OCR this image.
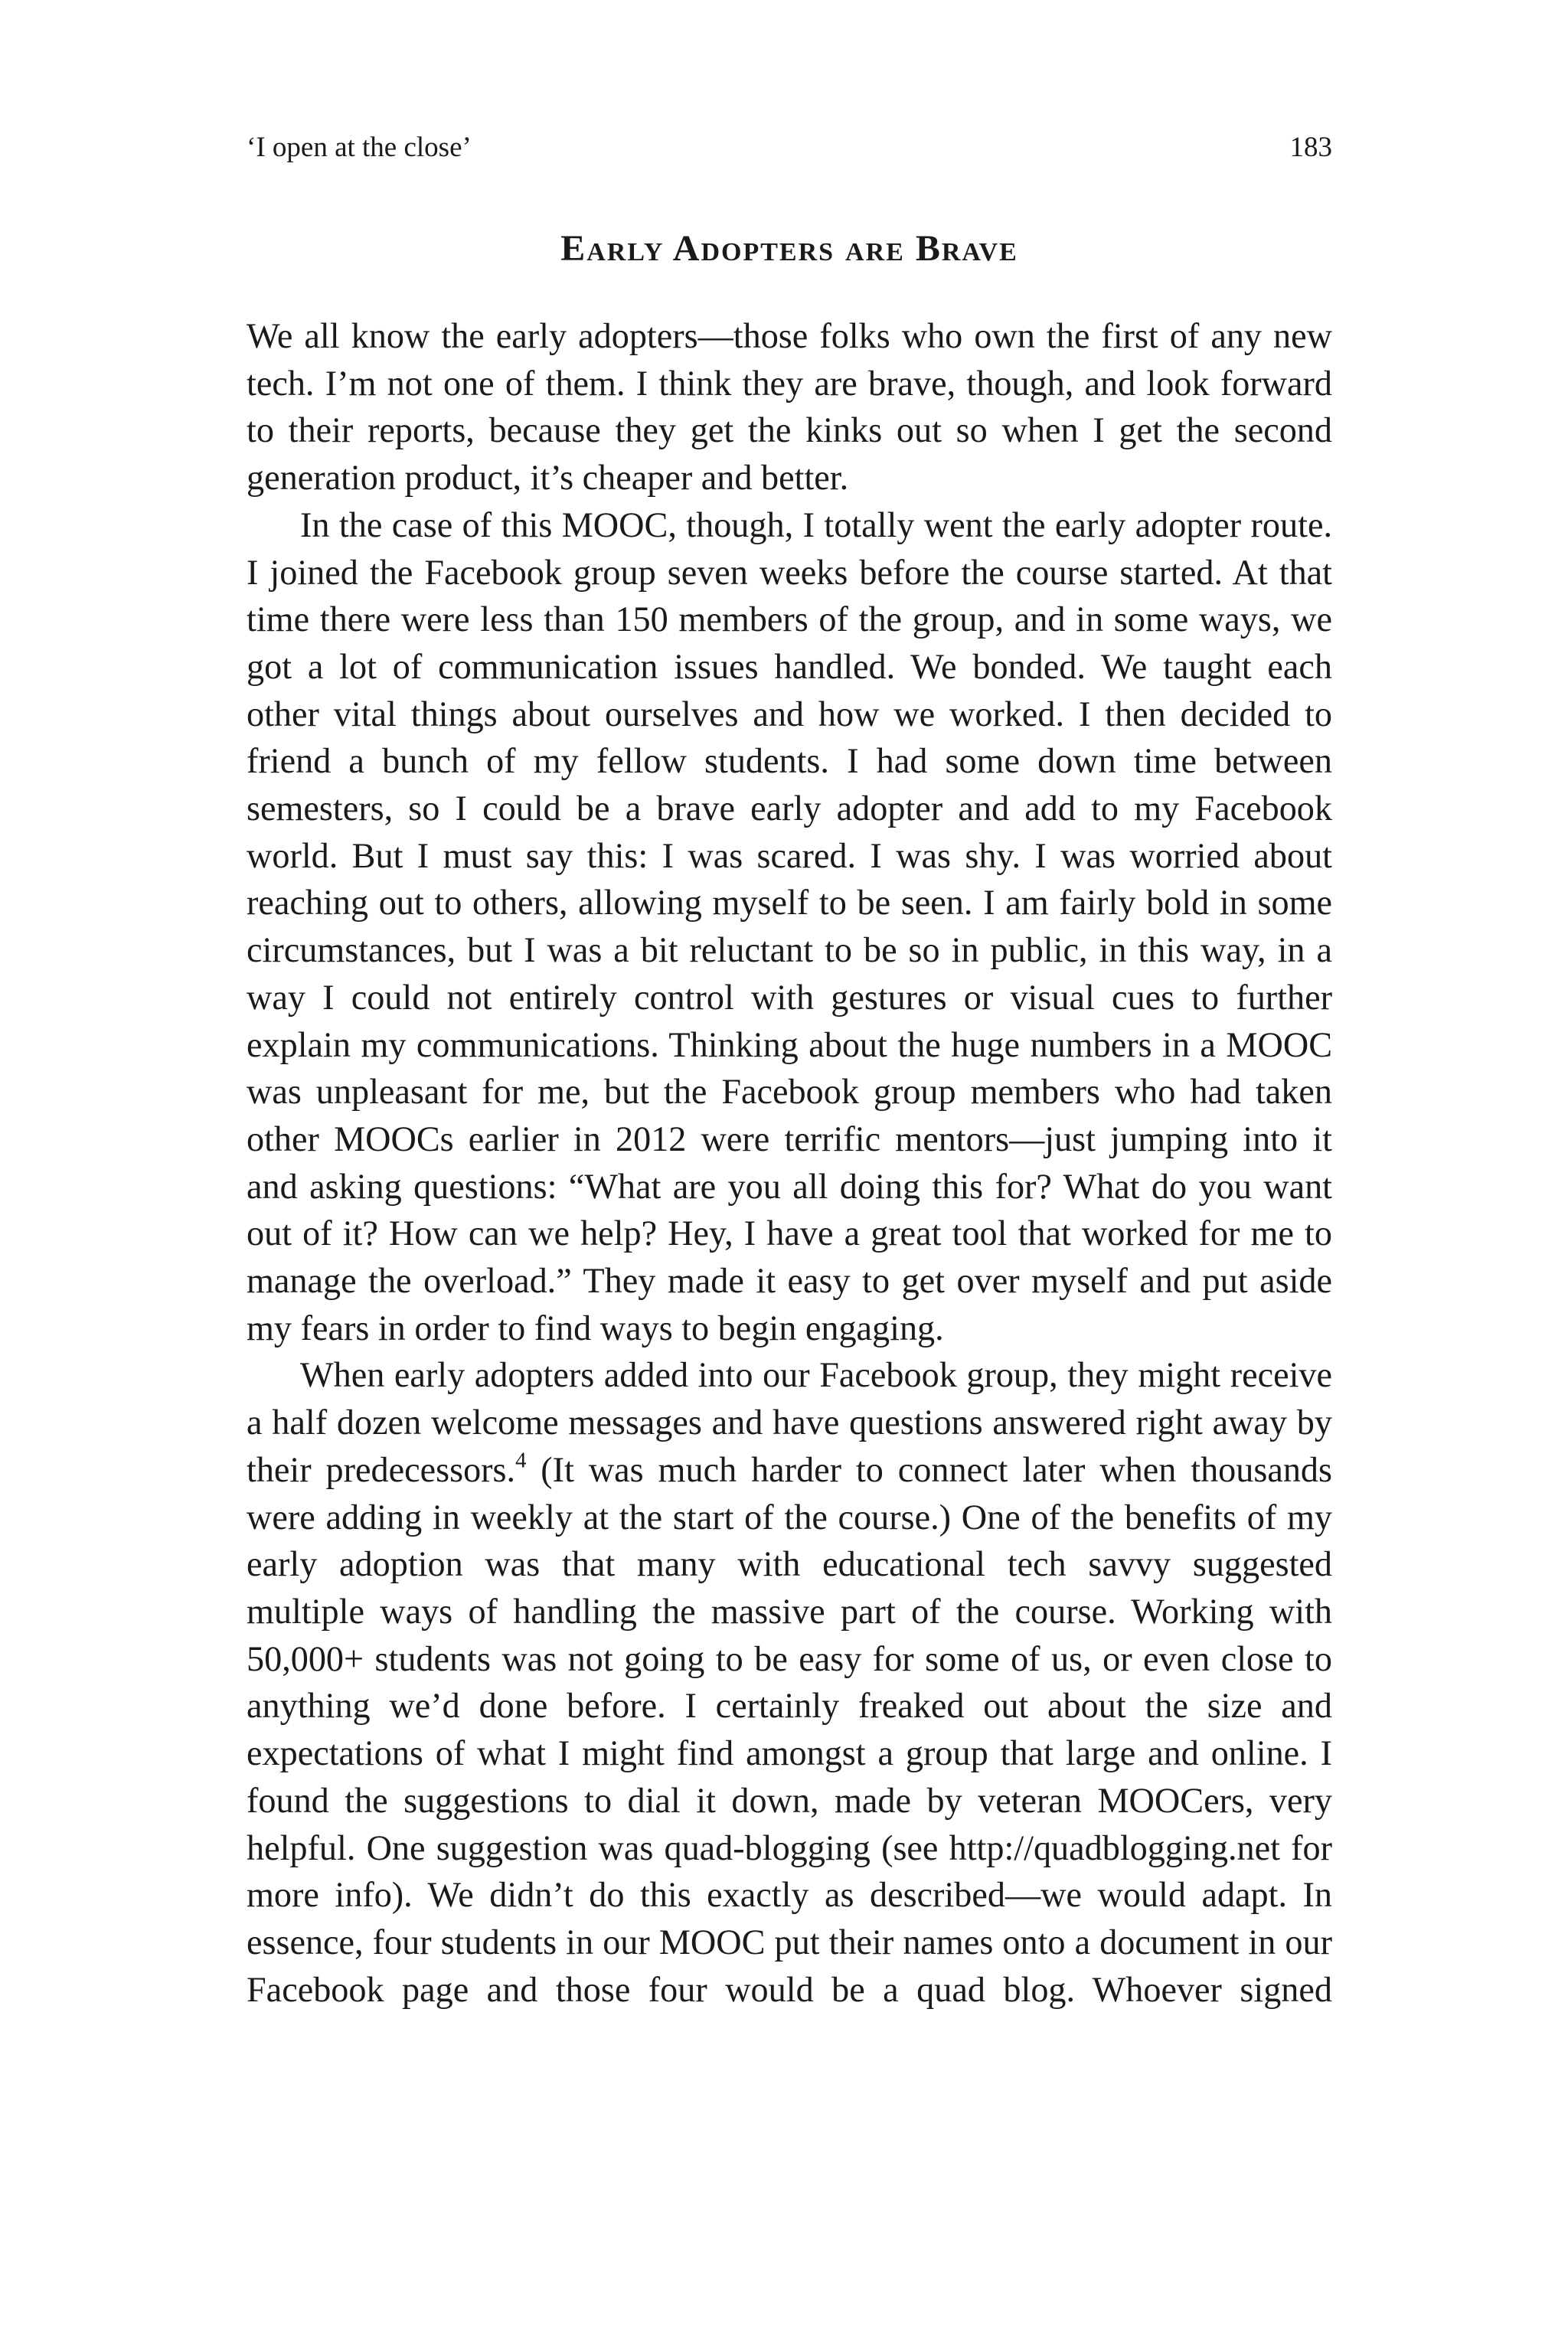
‘I open at the close’	183
Early Adopters are Brave

We all know the early adopters—those folks who own the first of any new tech. I’m not one of them. I think they are brave, though, and look forward to their reports, because they get the kinks out so when I get the second generation product, it’s cheaper and better.

In the case of this MOOC, though, I totally went the early adopter route. I joined the Facebook group seven weeks before the course started. At that time there were less than 150 members of the group, and in some ways, we got a lot of communication issues handled. We bonded. We taught each other vital things about ourselves and how we worked. I then decided to friend a bunch of my fellow students. I had some down time between semesters, so I could be a brave early adopter and add to my Facebook world. But I must say this: I was scared. I was shy. I was worried about reaching out to others, allowing myself to be seen. I am fairly bold in some circumstances, but I was a bit reluctant to be so in public, in this way, in a way I could not entirely control with gestures or visual cues to further explain my communications. Thinking about the huge numbers in a MOOC was unpleasant for me, but the Facebook group members who had taken other MOOCs earlier in 2012 were terrific mentors—just jumping into it and asking questions: “What are you all doing this for? What do you want out of it? How can we help? Hey, I have a great tool that worked for me to manage the overload.” They made it easy to get over myself and put aside my fears in order to find ways to begin engaging.

When early adopters added into our Facebook group, they might receive a half dozen welcome messages and have questions answered right away by their predecessors.$^4$ (It was much harder to connect later when thousands were adding in weekly at the start of the course.) One of the benefits of my early adoption was that many with educational tech savvy suggested multiple ways of handling the massive part of the course. Working with 50,000+ students was not going to be easy for some of us, or even close to anything we’d done before. I certainly freaked out about the size and expectations of what I might find amongst a group that large and online. I found the suggestions to dial it down, made by veteran MOOCers, very helpful. One suggestion was quad-blogging (see http://quadblogging.net for more info). We didn’t do this exactly as described—we would adapt. In essence, four students in our MOOC put their names onto a document in our Facebook page and those four would be a quad blog. Whoever signed
